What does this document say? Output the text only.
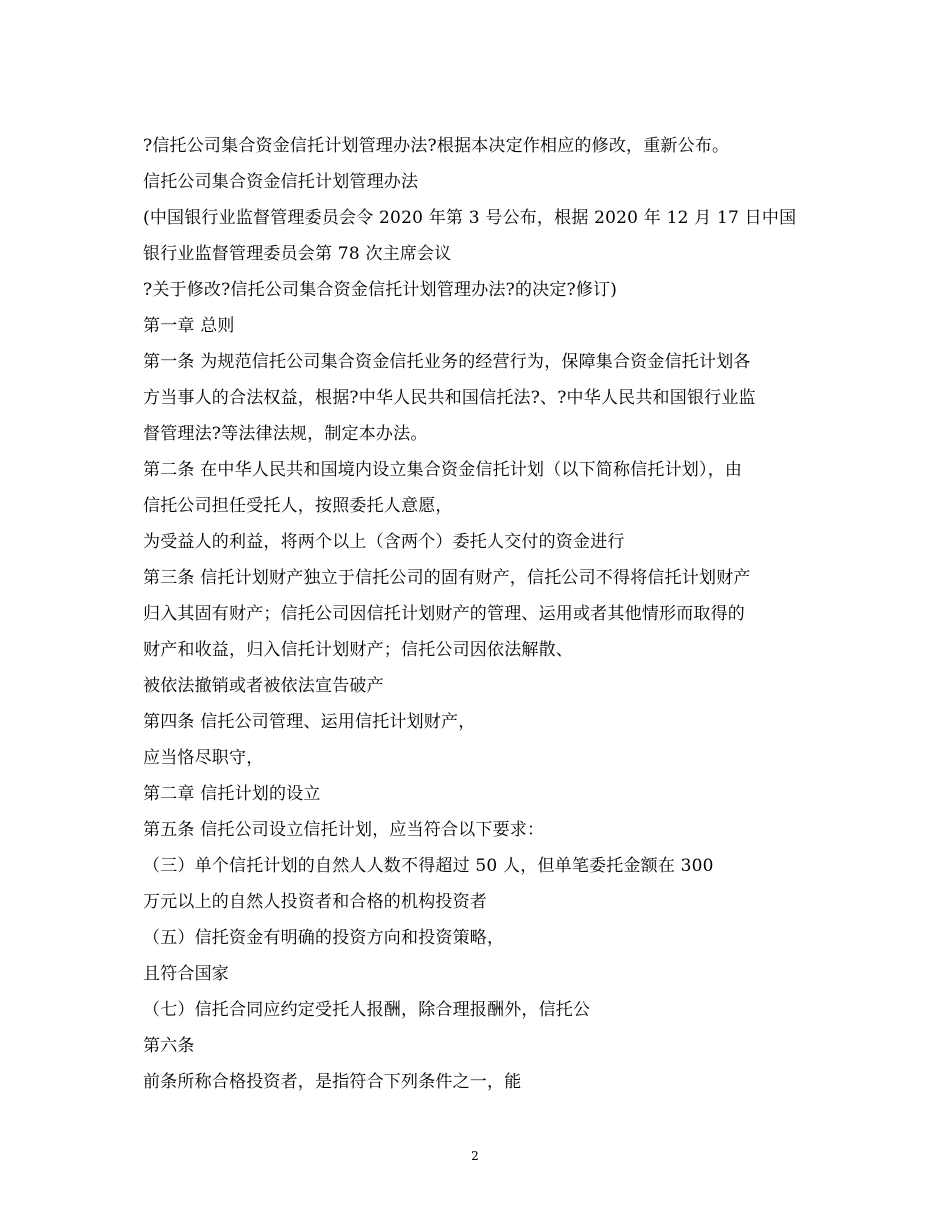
?信托公司集合资金信托计划管理办法?根据本决定作相应的修改，重新公布。
信托公司集合资金信托计划管理办法
(中国银行业监督管理委员会令 2020 年第 3 号公布，根据 2020 年 12 月 17 日中国
银行业监督管理委员会第 78 次主席会议
?关于修改?信托公司集合资金信托计划管理办法?的决定?修订)
第一章 总则
第一条 为规范信托公司集合资金信托业务的经营行为，保障集合资金信托计划各
方当事人的合法权益，根据?中华人民共和国信托法?、?中华人民共和国银行业监
督管理法?等法律法规，制定本办法。
第二条 在中华人民共和国境内设立集合资金信托计划（以下简称信托计划），由
信托公司担任受托人，按照委托人意愿，
为受益人的利益，将两个以上（含两个）委托人交付的资金进行
第三条 信托计划财产独立于信托公司的固有财产，信托公司不得将信托计划财产
归入其固有财产；信托公司因信托计划财产的管理、运用或者其他情形而取得的
财产和收益，归入信托计划财产；信托公司因依法解散、
被依法撤销或者被依法宣告破产
第四条 信托公司管理、运用信托计划财产，
应当恪尽职守，
第二章 信托计划的设立
第五条 信托公司设立信托计划，应当符合以下要求：
（三）单个信托计划的自然人人数不得超过 50 人，但单笔委托金额在 300
万元以上的自然人投资者和合格的机构投资者
（五）信托资金有明确的投资方向和投资策略，
且符合国家
（七）信托合同应约定受托人报酬，除合理报酬外，信托公
第六条
前条所称合格投资者，是指符合下列条件之一，能
2
